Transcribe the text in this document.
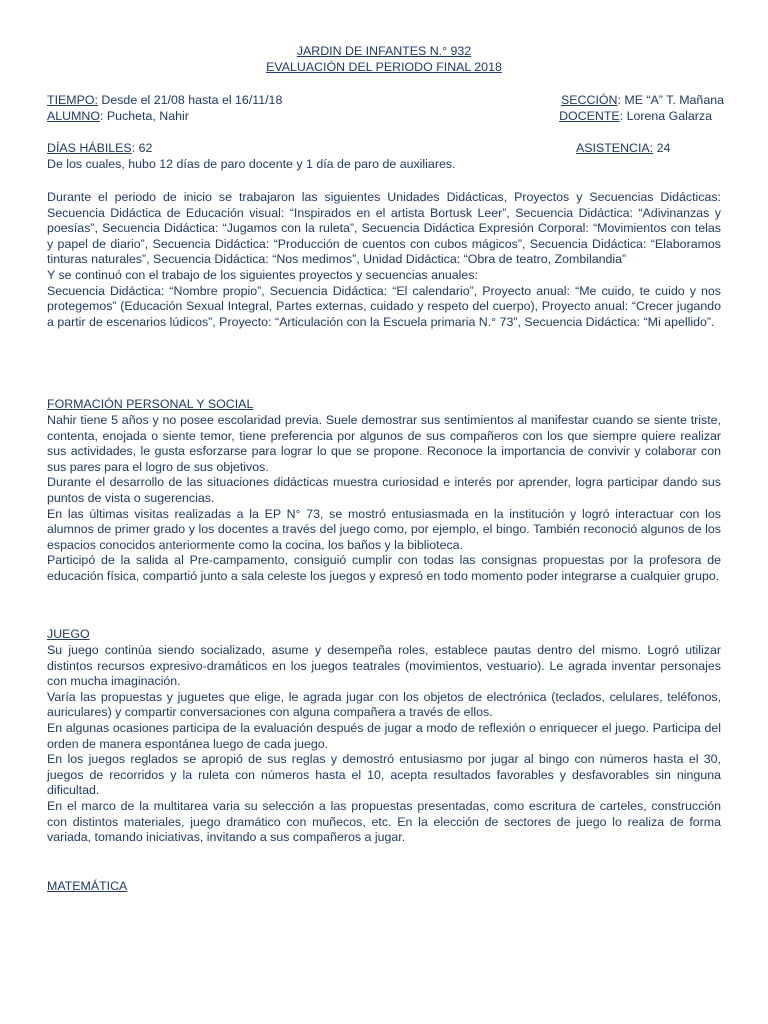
JARDIN DE INFANTES N.° 932
EVALUACIÒN DEL PERIODO FINAL 2018
TIEMPO: Desde el 21/08 hasta el 16/11/18	SECCIÓN: ME “A” T. Mañana
ALUMNO: Pucheta, Nahir	DOCENTE: Lorena Galarza
DÍAS HÁBILES: 62	ASISTENCIA: 24
De los cuales, hubo 12 días de paro docente y 1 día de paro de auxiliares.

Durante el periodo de inicio se trabajaron las siguientes Unidades Didácticas, Proyectos y Secuencias Didácticas: Secuencia Didáctica de Educación visual: “Inspirados en el artista Bortusk Leer”, Secuencia Didáctica: “Adivinanzas y poesías”, Secuencia Didáctica: “Jugamos con la ruleta”, Secuencia Didáctica Expresión Corporal: “Movimientos con telas y papel de diario”, Secuencia Didáctica: “Producción de cuentos con cubos mágicos”, Secuencia Didáctica: “Elaboramos tinturas naturales”, Secuencia Didáctica: “Nos medimos”, Unidad Didáctica: “Obra de teatro, Zombilandia”

Y se continuó con el trabajo de los siguientes proyectos y secuencias anuales:

Secuencia Didáctica: “Nombre propio”, Secuencia Didáctica: “El calendario”, Proyecto anual: “Me cuido, te cuido y nos protegemos” (Educación Sexual Integral, Partes externas, cuidado y respeto del cuerpo), Proyecto anual: “Crecer jugando a partir de escenarios lúdicos”, Proyecto: “Articulación con la Escuela primaria N.° 73”, Secuencia Didáctica: “Mi apellido”.

FORMACIÓN PERSONAL Y SOCIAL

Nahir tiene 5 años y no posee escolaridad previa. Suele demostrar sus sentimientos al manifestar cuando se siente triste, contenta, enojada o siente temor, tiene preferencia por algunos de sus compañeros con los que siempre quiere realizar sus actividades, le gusta esforzarse para lograr lo que se propone. Reconoce la importancia de convivir y colaborar con sus pares para el logro de sus objetivos.

Durante el desarrollo de las situaciones didácticas muestra curiosidad e interés por aprender, logra participar dando sus puntos de vista o sugerencias.

En las últimas visitas realizadas a la EP N° 73, se mostró entusiasmada en la institución y logró interactuar con los alumnos de primer grado y los docentes a través del juego como, por ejemplo, el bingo. También reconoció algunos de los espacios conocidos anteriormente como la cocina, los baños y la biblioteca.

Participó de la salida al Pre-campamento, consiguió cumplir con todas las consignas propuestas por la profesora de educación física, compartió junto a sala celeste los juegos y expresó en todo momento poder integrarse a cualquier grupo.

JUEGO

Su juego continúa siendo socializado, asume y desempeña roles, establece pautas dentro del mismo. Logró utilizar distintos recursos expresivo-dramáticos en los juegos teatrales (movimientos, vestuario). Le agrada inventar personajes con mucha imaginación.

Varía las propuestas y juguetes que elige, le agrada jugar con los objetos de electrónica (teclados, celulares, teléfonos, auriculares) y compartir conversaciones con alguna compañera a través de ellos.

En algunas ocasiones participa de la evaluación después de jugar a modo de reflexión o enriquecer el juego. Participa del orden de manera espontánea luego de cada juego.

En los juegos reglados se apropió de sus reglas y demostró entusiasmo por jugar al bingo con números hasta el 30, juegos de recorridos y la ruleta con números hasta el 10, acepta resultados favorables y desfavorables sin ninguna dificultad.

En el marco de la multitarea varia su selección a las propuestas presentadas, como escritura de carteles, construcción con distintos materiales, juego dramático con muñecos, etc. En la elección de sectores de juego lo realiza de forma variada, tomando iniciativas, invitando a sus compañeros a jugar.

MATEMÁTICA
